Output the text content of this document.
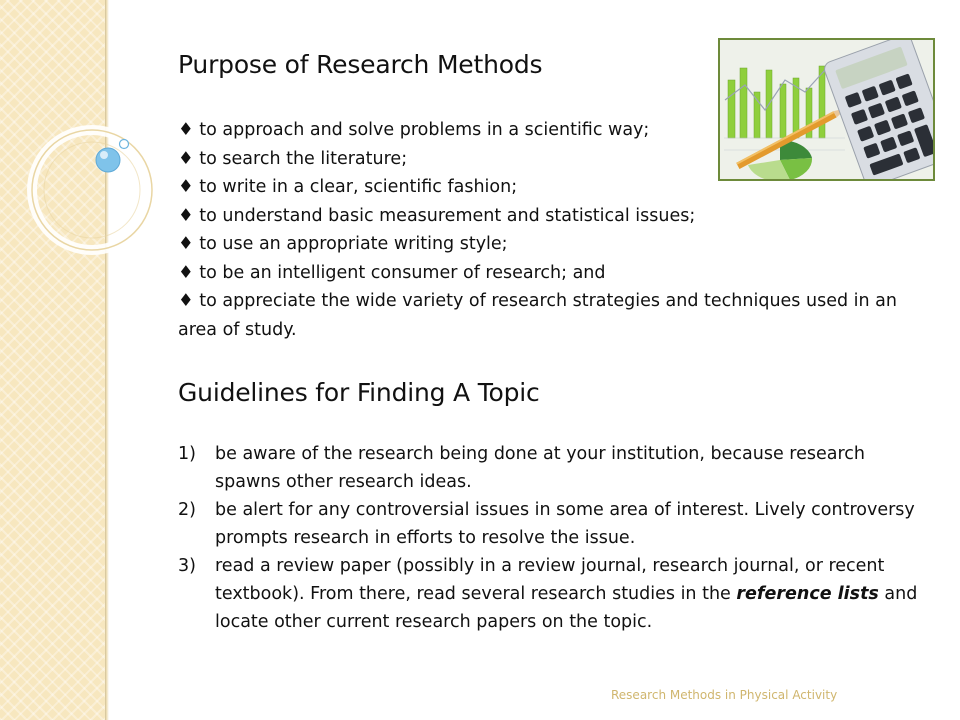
Purpose of Research Methods
♦ to approach and solve problems in a scientific way;
♦ to search the literature;
♦ to write in a clear, scientific fashion;
♦ to understand basic measurement and statistical issues;
♦ to use an appropriate writing style;
♦ to be an intelligent consumer of research; and
♦ to appreciate the wide variety of research strategies and techniques used in an area of study.
Guidelines for Finding A Topic
1)	be aware of the research being done at your institution, because research spawns other research ideas.
2)	be alert for any controversial issues in some area of interest. Lively controversy prompts research in efforts to resolve the issue.
3)	read a review paper (possibly in a review journal, research journal, or recent textbook). From there, read several research studies in the reference lists and locate other current research papers on the topic.
Research Methods in Physical Activity
